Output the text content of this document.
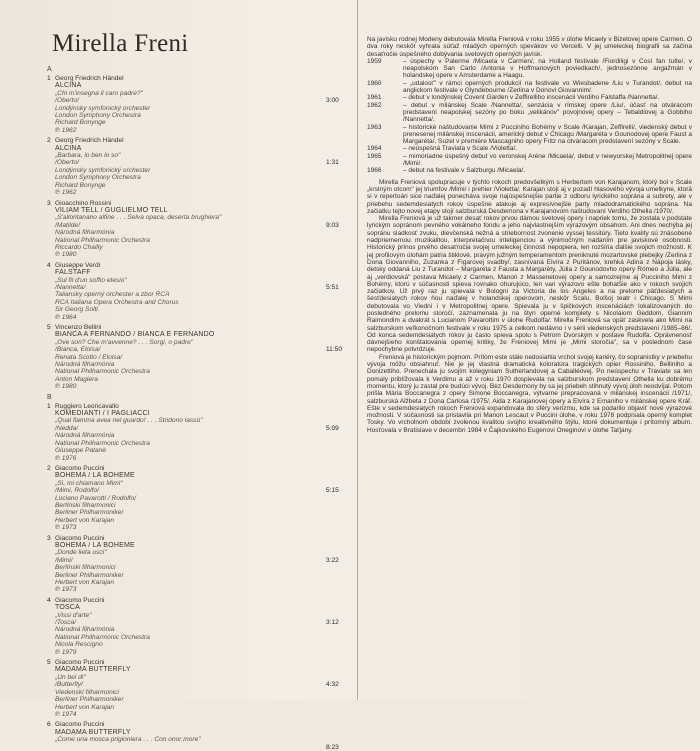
Mirella Freni
A
1 Georg Friedrich Händel
ALCINA
„Chi m'insegna il caro padre?"
/Oberto/
Londýnsky symfonický orchester
London Symphony Orchestra
Richard Bonynge
℗ 1962
3:00
2 Georg Friedrich Händel
ALCINA
„Barbara, io ben lo so"
/Oberto/
Londýnsky symfonický orchester
London Symphony Orchestra
Richard Bonynge
℗ 1962
1:31
3 Gioacchino Rossini
VILIAM TELL / GUGLIELMO TELL
„S'allontanano alfine . . . Selva opaca, deserta brughiera"
/Matilde/
Národná filharmónia
National Philharmonic Orchestra
Riccardo Chailly
℗ 1980
9:03
4 Giuseppe Verdi
FALSTAFF
„Sul fil d'un soffio etesio"
/Nannetta/
Taliansky operný orchester a zbor RCA
RCA Italiana Opera Orchestra and Chorus
Sir Georg Solti
℗ 1964
5:51
5 Vincenzo Bellini
BIANCA A FERNANDO / BIANCA E FERNANDO
„Ove son? Che m'avvenne? . . . Sorgi, o padre"
/Bianca, Eloisa/
Renata Scotto / Eloisa/
Národná filharmónia
National Philharmonic Orchestra
Anton Magiera
℗ 1980
11:50
B
1 Ruggiero Leoncavallo
KOMEDIANTI / I PAGLIACCI
„Qual fiamma avea nel guardo! . . . Stridono lassù"
/Nedda/
Národná filharmónia
National Philharmonic Orchestra
Giuseppe Patanè
℗ 1976
5:09
2 Giacomo Puccini
BOHÉMA / LA BOHÈME
„Sì, mi chiamano Mimì"
/Mimi, Rodolfo/
Luciano Pavarotti / Rodolfo/
Berlínski filharmonici
Berliner Philharmoniker
Herbert von Karajan
℗ 1973
5:15
3 Giacomo Puccini
BOHÉMA / LA BOHÈME
„Donde lieta uscì"
/Mimi/
Berlínski filharmonici
Berliner Philharmoniker
Herbert von Karajan
℗ 1973
3:22
4 Giacomo Puccini
TOSCA
„Vissi d'arte"
/Tosca/
Národná filharmónia
National Philharmonic Orchestra
Nicola Rescigno
℗ 1979
3:12
5 Giacomo Puccini
MADAMA BUTTERFLY
„Un bel dì"
/Butterfly/
Viedenskí filharmonici
Berliner Philharmoniker
Herbert von Karajan
℗ 1974
4:32
6 Giacomo Puccini
MADAMA BUTTERFLY
„Come una mosca prigioniera . . . Con onor more"
8:23

Na javisku rodnej Modeny debutovala Mirella Freniová v roku 1955 v úlohe Micaely v Bizetovej opere Carmen. O dva roky neskôr vyhrala súťaž mladých operných spevákov vo Vercelli. V jej umeleckej biografii sa začína desaťročie úspešného dobývania svetových operných javísk.

1959	– úspechy v Palerme /Micaela v Carmen/, na Holland festivale /Fiordiligi v Così fan tutte/, v neapolskom San Carlo /Antonia v Hoffmanových poviedkach/, jednosezónne angažmán v holandskej opere v Amsterdame a Haagu.
1960	– „udalosť" v rámci operných produkcií na festivale vo Wiesbadene /Liu v Turandot/, debut na anglickom festivale v Glyndebourne /Zerlina v Donovi Giovannim/.
1961	– debut v londýnskej Covent Garden v Zeffirelliho inscenácii Verdiho Falstaffa /Nannetta/.
1962	– debut v milánskej Scale /Nannetta/, senzácia v rímskej opere /Liu/, účasť na otváracom predstavení neapolskej sezóny po boku „velikánov" povojnovej opery – Tebaldiovej a Gobbiho /Nannetta/.
1963	– historické naštudovanie Mimi z Pucciniho Bohémy v Scale /Karajan, Zeffirelli/, viedenský debut v prenesenej milánskej inscenácii, americký debut v Chicagu /Margaréta v Gounodovej opere Faust a Margaréta/, Suzel v premiére Mascagniho opery Fritz na otváracom predstavení sezóny v Scale.
1964	– neúspešná Traviata v Scale /Violetta/.
1965	– mimoriadne úspešný debut vo veronskej Aréne /Micaela/, debut v newyorskej Metropolitnej opere /Mimi/.
1966	– debut na festivale v Salzburgu /Micaela/.

Mirella Freniová spolupracuje v týchto rokoch predovšetkým s Herbertom von Karajanom, ktorý bol v Scale „krstným otcom" jej triumfov /Mimi/ i prehier /Violetta/. Karajan stojí aj v pozadí hlasového vývoja umelkyne, ktorá si v repertoári sice naďalej ponecháva svoje najúspešnejšie partie z odboru lyrického soprána a subrety, ale v priebehu sedemdesiatych rokov úspešne atakuje aj expresívnejšie party mladodramatického soprána. Na začiatku tejto novej etapy stojí salzburská Desdemona v Karajanovom naštudovaní Verdiho Othella /1970/.

Mirella Freniová je už takmer desať rokov prvou dámou svetovej opery i napriek tomu, že zostala v podstate lyrickým sopránom pevného vokálneho fondu a jeho najvlastnejším výrazovým obsahom. Ani dnes nechýba jej sopránu sladkosť zvuku, dievčenská nežná a striebornost zvonenie vyssej tessitúry. Tieto kvality sú znásobené nadpriemernou muzikalitou, interpretačnou inteligenciou a výnimočným nadaním pre javiskové osobnosti. Historický prínos prvého desaťročia svojej umeleckej činnosti nepopiera, len rozšíria ďalšie svojich možností. K jej profilovým úlohám patria štiklové, pravým južným temperamentom preniknuté mozartovské plebejky /Zerlina z Dona Giovanniho, Zuzanka z Figarovej svadby/, zasnívaná Elvíra z Puritánov, krehká Adina z Nápoja lásky, detsky oddaná Liu z Turandot – Margaréta z Fausta a Margaréty, Júlia z Gounodovho opery Rómeo a Júlia, ale aj „verdiovská" postava Micaely z Carmen, Manon z Massenetovej opery a samozrejme aj Pucciniho Mimi z Bohémy, ktorú v súčasnosti spieva rovnako ohurujúco, len vari výrazovo ešte bohatšie ako v rokoch svojich začiatkov. Už prvý raz ju spievala v Bologni za Victoria de los Angeles a na prelome päťdesiatych a šesťdesiatych rokov ňou naďalej v holandskej operovom, neskôr Scalu, Bolšoj teatr i Chicago. S Mimi debutovala vo Viedni i v Metropolitnej opere. Spievala ju v špičkových inscenáciách lokalizovaných do posledného prelomu storočí, zaznamenala ju na štyri operné komplety s Nicolaiom Geddom, Giannim Raimondim a dvakrát s Lucianom Pavarottim v úlohe Rudolfa/. Mirella Freniová sa opäť zaskvela ako Mimi na salzburskom veľkonočnom festivale v roku 1975 a celkom nedávno i v sérii viedenských predstavení /1985–86/. Od konca sedemdesiatych rokov ju často spieva spolu s Petrom Dvorským v postave Rudolfa. Oprávnenosť dávnejšieho konštatovania opernej kritiky, že Freniovej Mimi je „Mimi storočia", sa v poslednom čase nepochybne potvrdzuje.

Freniová je historickým pojmom. Prítom este stále nedosiahla vrchol svojej kariéry, čo sopranistky v priebehu vývoja môžu obsiahnuť. Nie je jej vlastná dramatická koloratúra tragických opier Rossiniho, Belliniho a Donizettiho. Prenechala ju svojím kolegyniam Sutherlandovej a Caballéovej. Po neúspechu v Traviate sa len pomaly priblížovala k Verdimu a až v roku 1970 dospievala na salzburskom predstavení Othella ku dobrému momentu, ktorý ju zastal pre budúci vývoj. Bez Desdemony by sa jej priebeh stihnutý vývoj úloh neodvíjal. Potom prišla Mária Boccanegra z opery Simone Boccanegra, výtvarne prepracovaná v milánskej inscenácii /1971/, salzburská Alžbeta z Dona Carlosa /1975/, Aida z Karajanovej opery a Elvíra z Ernaniho v milánskej opere Kráľ. Ešte v sedemdesiatych rokoch Freniová expandovala do sféry verizmu, kde sa podarilo objaviť nové výrazové možnosti. V súčasnosti sa pristavila pri Manon Lescaut v Puccini úlohe, v roku 1978 podpísala operný komplet Tosky. Vo vrcholnom období zvolenou kvalitou svojho kreativného štýlu, ktoré dokumentuje i prítomný album. Hosťovala v Bratislave v decembri 1984 v Čajkovského Eugenovi Oneginovi v úlohe Taťjany.
